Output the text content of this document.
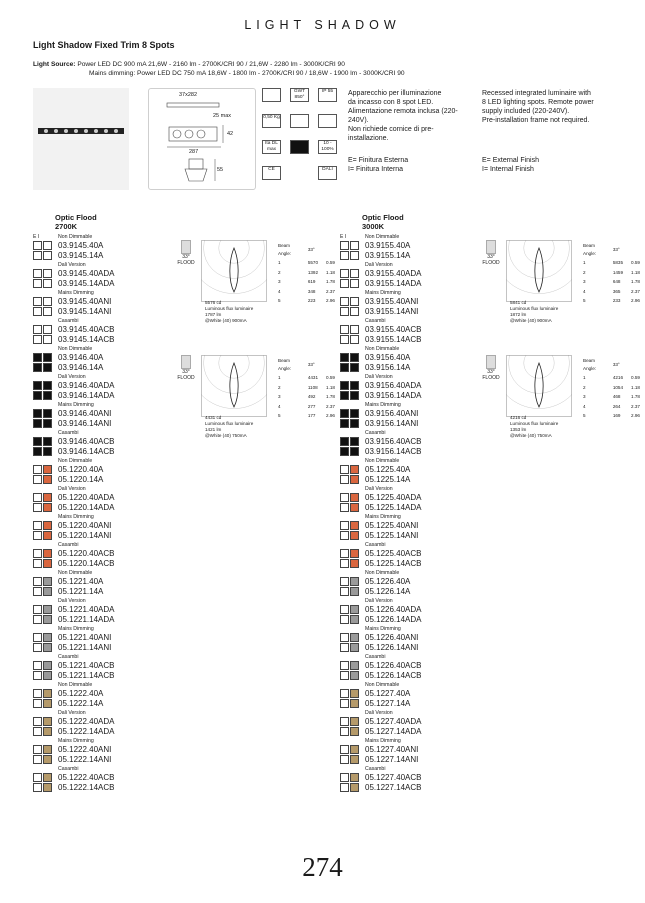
LIGHT SHADOW
Light Shadow Fixed Trim 8 Spots
Light Source: Power LED DC 900 mA 21,6W - 2160 lm - 2700K/CRI 90 / 21,6W - 2280 lm - 3000K/CRI 90
Mains dimming: Power LED DC 750 mA 18,6W - 1800 lm - 2700K/CRI 90 / 18,6W - 1900 lm - 3000K/CRI 90
37x282
25 max
42
287
55
GWT 850°
IP 55
0,50 Kg
Ita DL max
10 - 100%
CE	DALI
Apparecchio per illuminazione
da incasso con 8 spot LED.
Alimentazione remota inclusa (220-
240V).
Non richiede cornice di pre-
installazione.
Recessed integrated luminaire with
8 LED lighting spots. Remote power
supply included (220-240V).
Pre-installation frame not required.
E= Finitura Esterna
I= Finitura Interna
E= External Finish
I= Internal Finish
Optic Flood
2700K
E I
Optic Flood
3000K
E I
Non Dimmable
03.9145.40A
03.9145.14A
Dali Version
03.9145.40ADA
03.9145.14ADA
Mains Dimming
03.9145.40ANI
03.9145.14ANI
Casambi
03.9145.40ACB
03.9145.14ACB
Non Dimmable
03.9146.40A
03.9146.14A
Dali Version
03.9146.40ADA
03.9146.14ADA
Mains Dimming
03.9146.40ANI
03.9146.14ANI
Casambi
03.9146.40ACB
03.9146.14ACB
Non Dimmable
05.1220.40A
05.1220.14A
Dali Version
05.1220.40ADA
05.1220.14ADA
Mains Dimming
05.1220.40ANI
05.1220.14ANI
Casambi
05.1220.40ACB
05.1220.14ACB
Non Dimmable
05.1221.40A
05.1221.14A
Dali Version
05.1221.40ADA
05.1221.14ADA
Mains Dimming
05.1221.40ANI
05.1221.14ANI
Casambi
05.1221.40ACB
05.1221.14ACB
Non Dimmable
05.1222.40A
05.1222.14A
Dali Version
05.1222.40ADA
05.1222.14ADA
Mains Dimming
05.1222.40ANI
05.1222.14ANI
Casambi
05.1222.40ACB
05.1222.14ACB
Non Dimmable
03.9155.40A
03.9155.14A
Dali Version
03.9155.40ADA
03.9155.14ADA
Mains Dimming
03.9155.40ANI
03.9155.14ANI
Casambi
03.9155.40ACB
03.9155.14ACB
Non Dimmable
03.9156.40A
03.9156.14A
Dali Version
03.9156.40ADA
03.9156.14ADA
Mains Dimming
03.9156.40ANI
03.9156.14ANI
Casambi
03.9156.40ACB
03.9156.14ACB
Non Dimmable
05.1225.40A
05.1225.14A
Dali Version
05.1225.40ADA
05.1225.14ADA
Mains Dimming
05.1225.40ANI
05.1225.14ANI
Casambi
05.1225.40ACB
05.1225.14ACB
Non Dimmable
05.1226.40A
05.1226.14A
Dali Version
05.1226.40ADA
05.1226.14ADA
Mains Dimming
05.1226.40ANI
05.1226.14ANI
Casambi
05.1226.40ACB
05.1226.14ACB
Non Dimmable
05.1227.40A
05.1227.14A
Dali Version
05.1227.40ADA
05.1227.14ADA
Mains Dimming
05.1227.40ANI
05.1227.14ANI
Casambi
05.1227.40ACB
05.1227.14ACB
33°
FLOOD
Beam Angle:	33°	
1	5570	0.59
2	1392	1.18
3	619	1.78
4	348	2.37
5	223	2.96
5576 cd
Luminous flux luminaire
1787 lm
@White (40) 900mA
33°
FLOOD
Beam Angle:	33°	
1	5835	0.59
2	1459	1.18
3	648	1.78
4	365	2.37
5	233	2.96
5841 cd
Luminous flux luminaire
1872 lm
@White (40) 900mA
33°
FLOOD
Beam Angle:	33°	
1	4431	0.59
2	1108	1.18
3	492	1.78
4	277	2.37
5	177	2.96
4431 cd
Luminous flux luminaire
1421 lm
@White (40) 750mA
33°
FLOOD
Beam Angle:	33°	
1	4216	0.59
2	1054	1.18
3	468	1.78
4	264	2.37
5	169	2.96
4216 cd
Luminous flux luminaire
1353 lm
@White (40) 750mA
274
